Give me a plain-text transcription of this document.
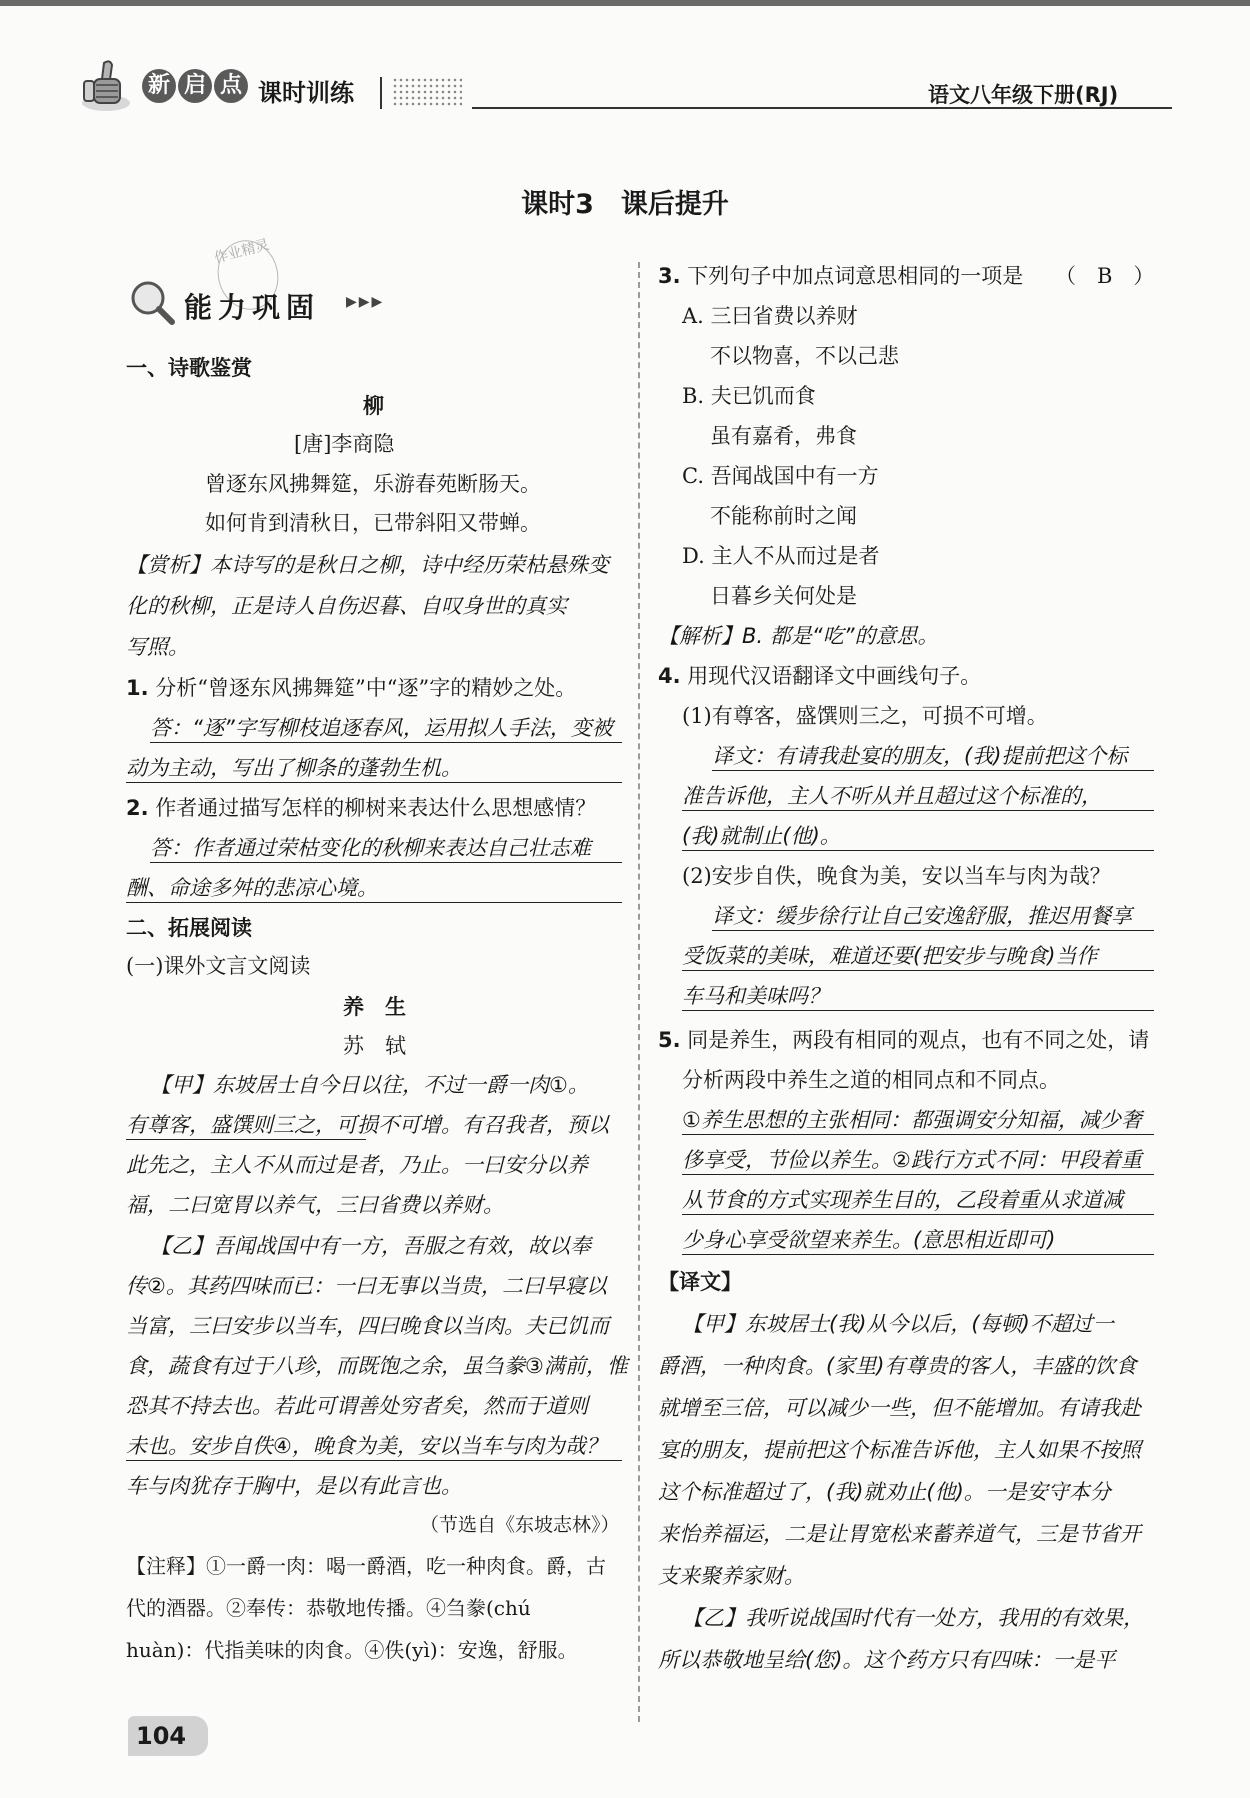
新 启 点 课时训练	语文八年级下册(RJ)
课时3　课后提升
作业精灵
能力巩固 ▶▶▶
一、诗歌鉴赏
柳
[唐]李商隐
曾逐东风拂舞筵，乐游春苑断肠天。
如何肯到清秋日，已带斜阳又带蝉。
【赏析】本诗写的是秋日之柳，诗中经历荣枯悬殊变
化的秋柳，正是诗人自伤迟暮、自叹身世的真实
写照。
1. 分析“曾逐东风拂舞筵”中“逐”字的精妙之处。
答：“逐”字写柳枝追逐春风，运用拟人手法，变被
动为主动，写出了柳条的蓬勃生机。
2. 作者通过描写怎样的柳树来表达什么思想感情？
答：作者通过荣枯变化的秋柳来表达自己壮志难
酬、命途多舛的悲凉心境。
二、拓展阅读
(一)课外文言文阅读
养　生
苏　轼
【甲】东坡居士自今日以往，不过一爵一肉①。
有尊客，盛馔则三之，可损不可增。有召我者，预以
此先之，主人不从而过是者，乃止。一曰安分以养
福，二曰宽胃以养气，三曰省费以养财。
【乙】吾闻战国中有一方，吾服之有效，故以奉
传②。其药四味而已：一曰无事以当贵，二曰早寝以
当富，三曰安步以当车，四曰晚食以当肉。夫已饥而
食，蔬食有过于八珍，而既饱之余，虽刍豢③满前，惟
恐其不持去也。若此可谓善处穷者矣，然而于道则
未也。安步自佚④，晚食为美，安以当车与肉为哉？
车与肉犹存于胸中，是以有此言也。
（节选自《东坡志林》）
【注释】①一爵一肉：喝一爵酒，吃一种肉食。爵，古
代的酒器。②奉传：恭敬地传播。④刍豢(chú
huàn)：代指美味的肉食。④佚(yì)：安逸，舒服。
3. 下列句子中加点词意思相同的一项是 （　B　）
A. 三曰省费以养财
不以物喜，不以己悲
B. 夫已饥而食
虽有嘉肴，弗食
C. 吾闻战国中有一方
不能称前时之闻
D. 主人不从而过是者
日暮乡关何处是
【解析】B. 都是“吃”的意思。
4. 用现代汉语翻译文中画线句子。
(1)有尊客，盛馔则三之，可损不可增。
译文：有请我赴宴的朋友，(我)提前把这个标
准告诉他，主人不听从并且超过这个标准的，
(我)就制止(他)。
(2)安步自佚，晚食为美，安以当车与肉为哉？
译文：缓步徐行让自己安逸舒服，推迟用餐享
受饭菜的美味，难道还要(把安步与晚食)当作
车马和美味吗？
5. 同是养生，两段有相同的观点，也有不同之处，请
分析两段中养生之道的相同点和不同点。
①养生思想的主张相同：都强调安分知福，减少奢
侈享受，节俭以养生。②践行方式不同：甲段着重
从节食的方式实现养生目的，乙段着重从求道减
少身心享受欲望来养生。(意思相近即可)
【译文】
【甲】东坡居士(我)从今以后，(每顿)不超过一
爵酒，一种肉食。(家里)有尊贵的客人，丰盛的饮食
就增至三倍，可以减少一些，但不能增加。有请我赴
宴的朋友，提前把这个标准告诉他，主人如果不按照
这个标准超过了，(我)就劝止(他)。一是安守本分
来怡养福运，二是让胃宽松来蓄养道气，三是节省开
支来聚养家财。
【乙】我听说战国时代有一处方，我用的有效果，
所以恭敬地呈给(您)。这个药方只有四味：一是平
104
